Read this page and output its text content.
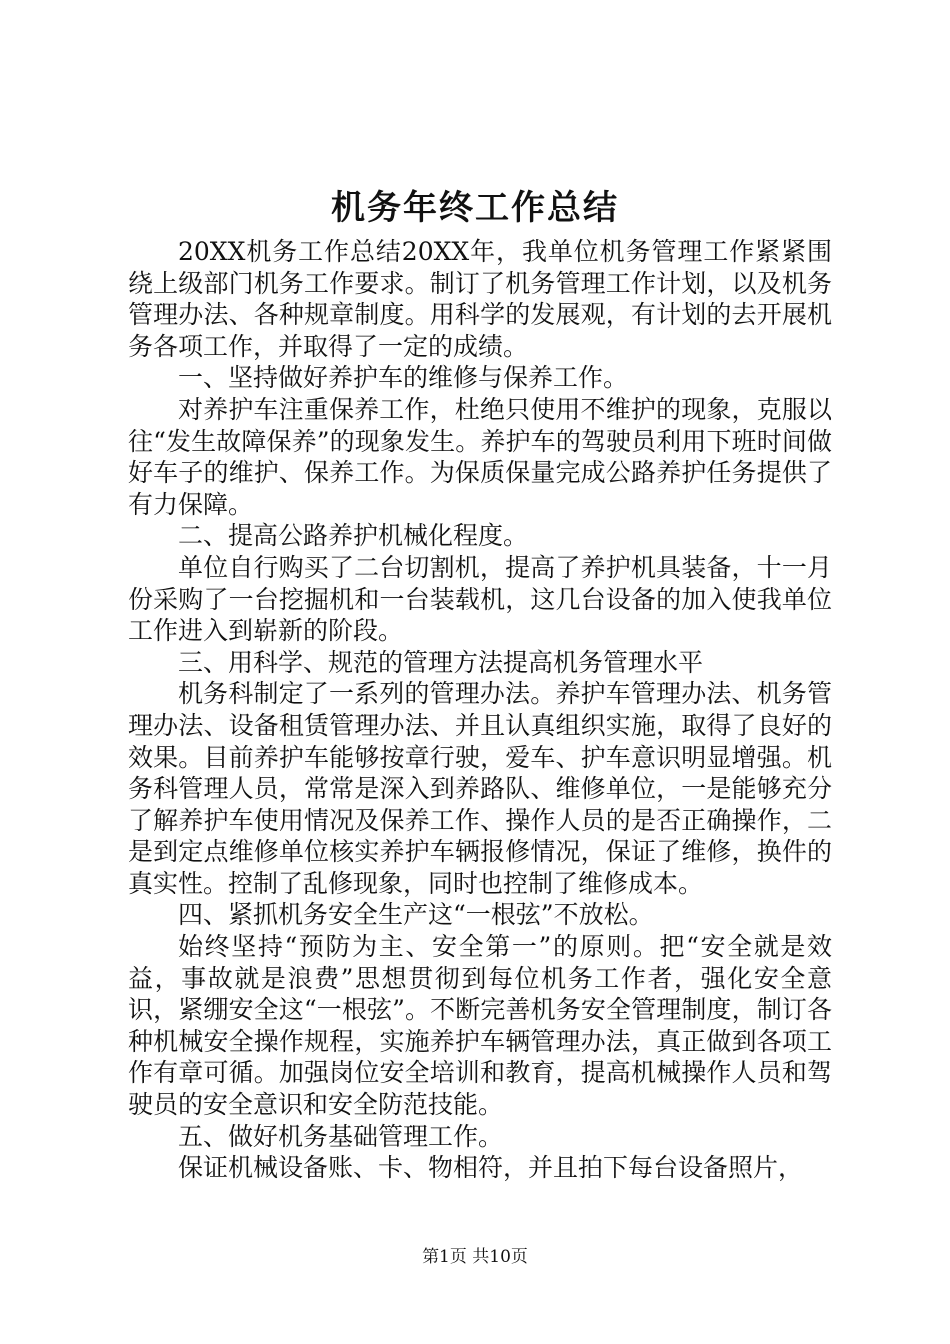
机务年终工作总结

20XX机务工作总结20XX年，我单位机务管理工作紧紧围绕上级部门机务工作要求。制订了机务管理工作计划，以及机务管理办法、各种规章制度。用科学的发展观，有计划的去开展机务各项工作，并取得了一定的成绩。

一、坚持做好养护车的维修与保养工作。

对养护车注重保养工作，杜绝只使用不维护的现象，克服以往“发生故障保养”的现象发生。养护车的驾驶员利用下班时间做好车子的维护、保养工作。为保质保量完成公路养护任务提供了有力保障。

二、提高公路养护机械化程度。

单位自行购买了二台切割机，提高了养护机具装备，十一月份采购了一台挖掘机和一台装载机，这几台设备的加入使我单位工作进入到崭新的阶段。

三、用科学、规范的管理方法提高机务管理水平

机务科制定了一系列的管理办法。养护车管理办法、机务管理办法、设备租赁管理办法、并且认真组织实施，取得了良好的效果。目前养护车能够按章行驶，爱车、护车意识明显增强。机务科管理人员，常常是深入到养路队、维修单位，一是能够充分了解养护车使用情况及保养工作、操作人员的是否正确操作，二是到定点维修单位核实养护车辆报修情况，保证了维修，换件的真实性。控制了乱修现象，同时也控制了维修成本。

四、紧抓机务安全生产这“一根弦”不放松。

始终坚持“预防为主、安全第一”的原则。把“安全就是效益，事故就是浪费”思想贯彻到每位机务工作者，强化安全意识，紧绷安全这“一根弦”。不断完善机务安全管理制度，制订各种机械安全操作规程，实施养护车辆管理办法，真正做到各项工作有章可循。加强岗位安全培训和教育，提高机械操作人员和驾驶员的安全意识和安全防范技能。

五、做好机务基础管理工作。

保证机械设备账、卡、物相符，并且拍下每台设备照片，

第1页 共10页
